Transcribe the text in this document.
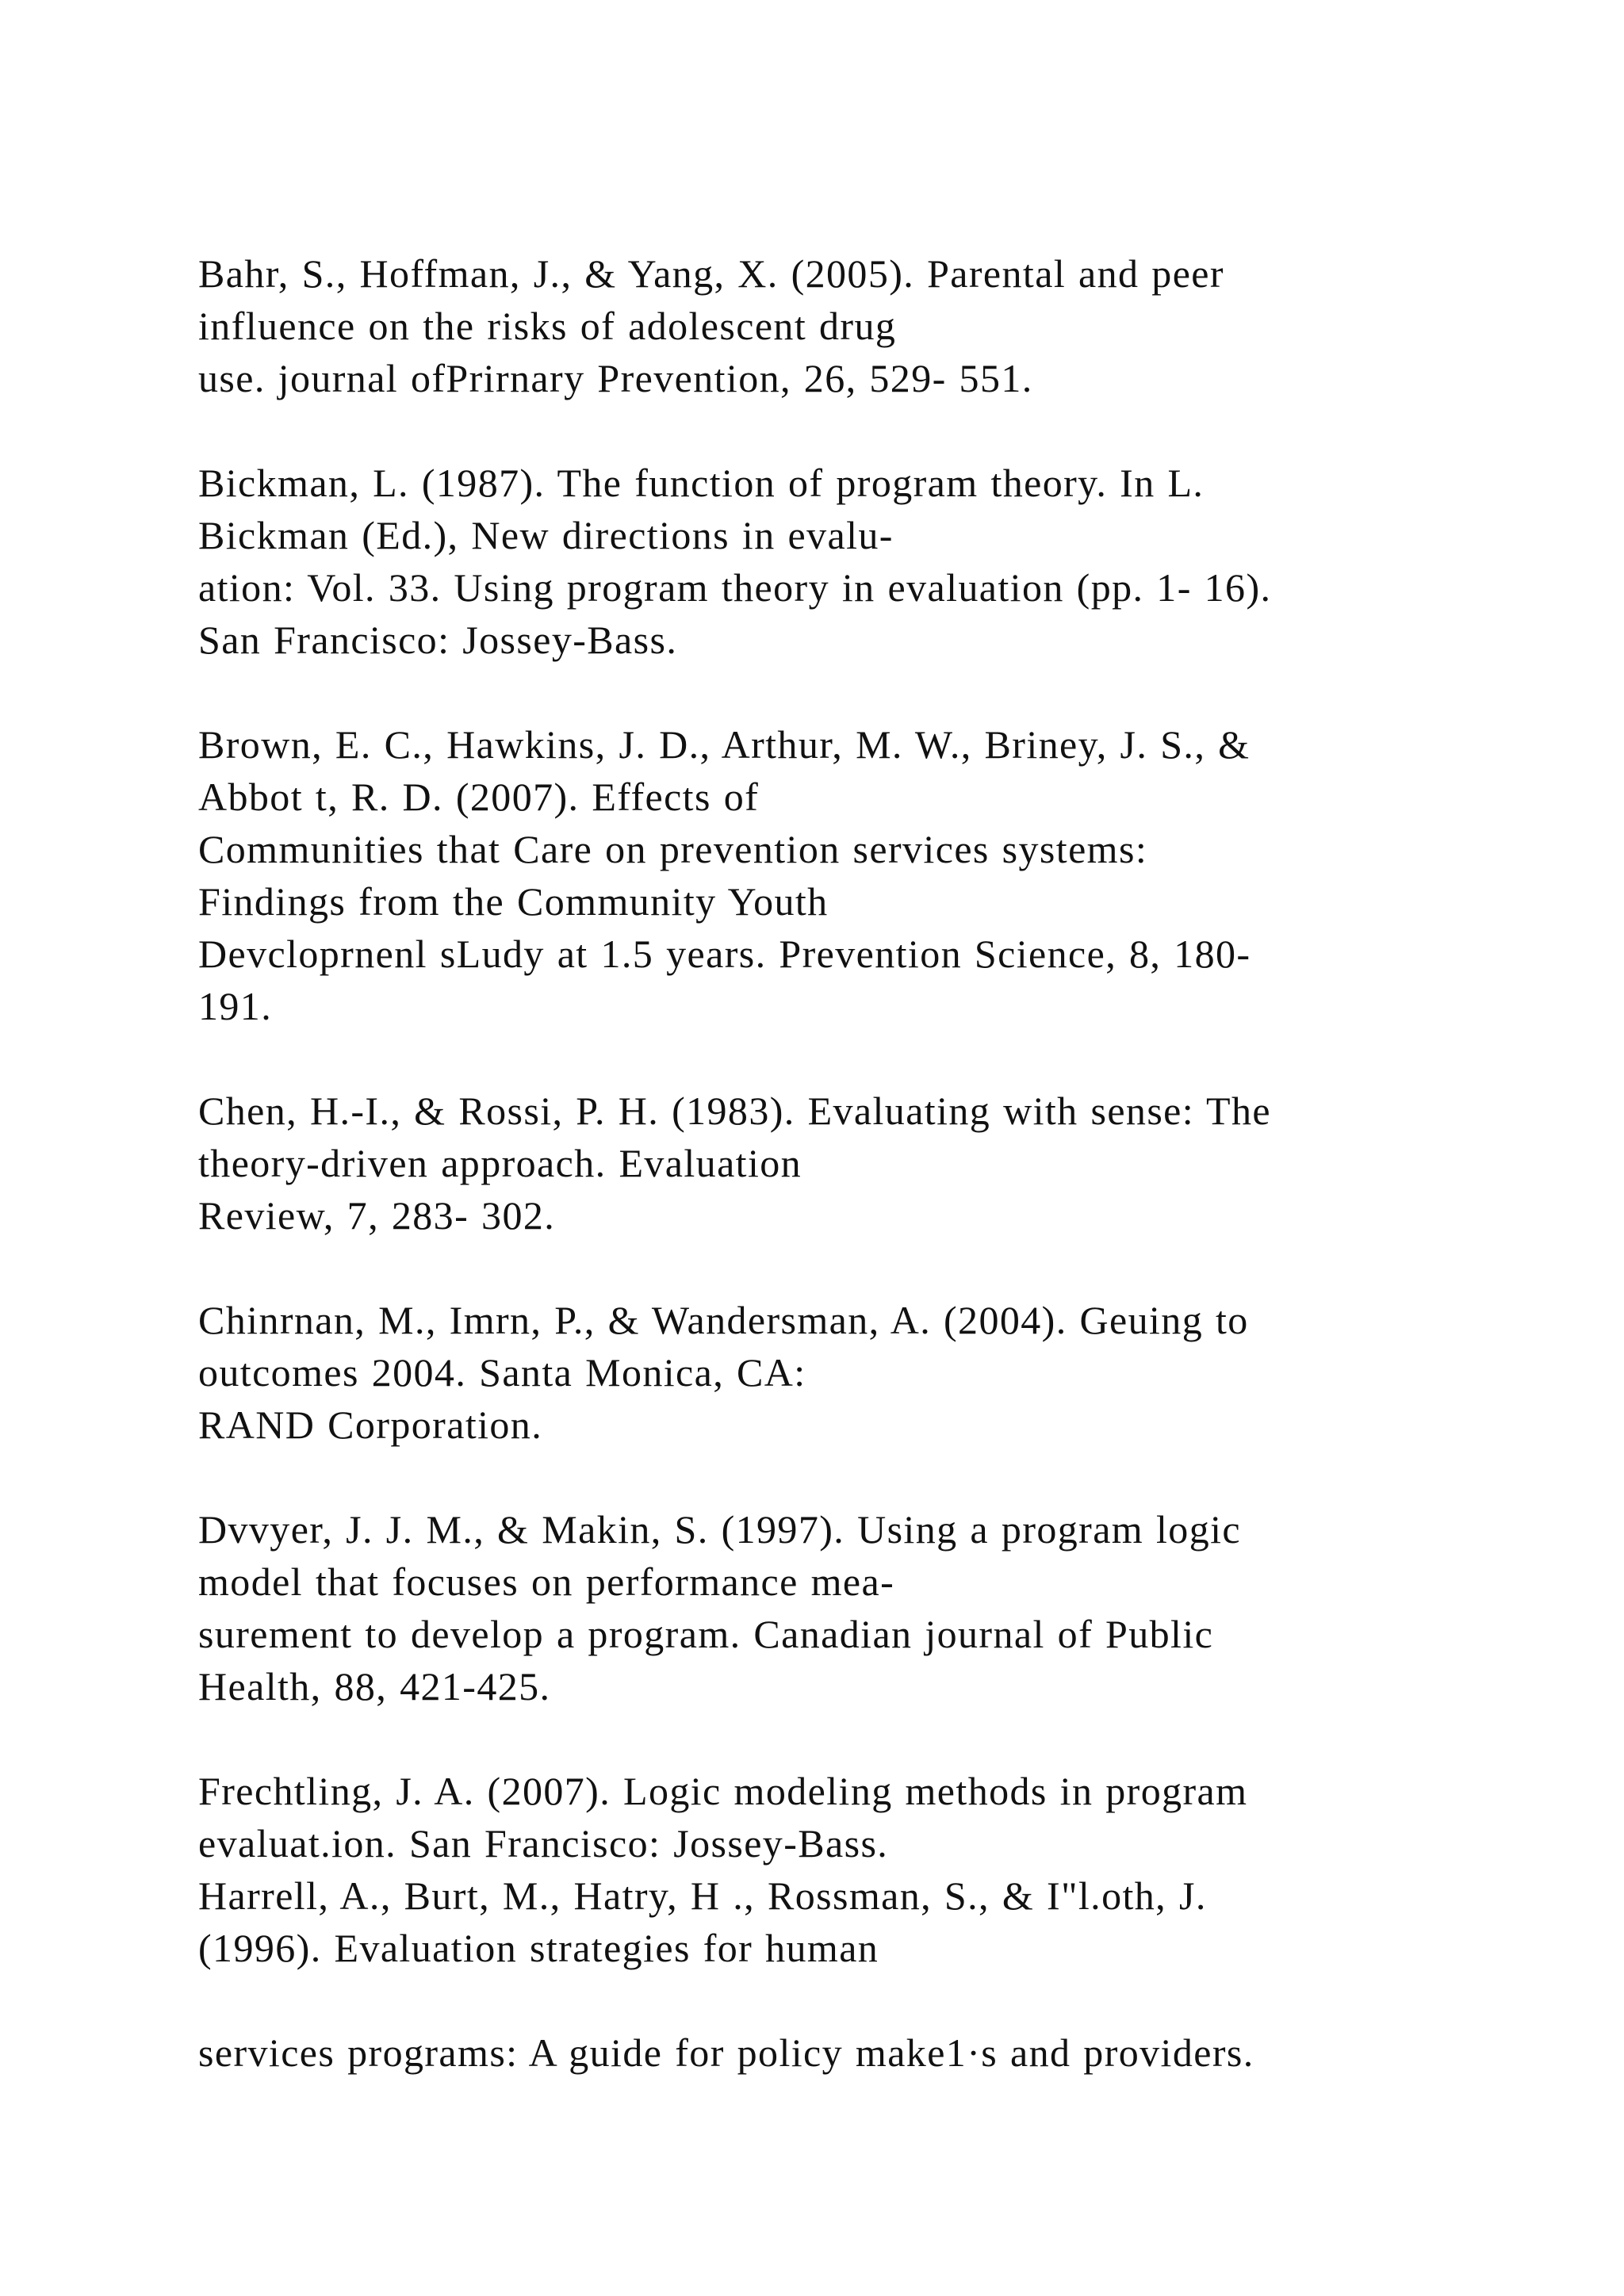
Bahr, S., Hoffman, J., & Yang, X. (2005). Parental and peer
influence on the risks of adolescent drug
use. journal ofPrirnary Prevention, 26, 529- 551.
Bickman, L. (1987). The function of program theory. In L.
Bickman (Ed.), New directions in evalu-
ation: Vol. 33. Using program theory in evaluation (pp. 1- 16).
San Francisco: Jossey-Bass.
Brown, E. C., Hawkins, J. D., Arthur, M. W., Briney, J. S., &
Abbot t, R. D. (2007). Effects of
Communities that Care on prevention services systems:
Findings from the Community Youth
Devcloprnenl sLudy at 1.5 years. Prevention Science, 8, 180-
191.
Chen, H.-I., & Rossi, P. H. (1983). Evaluating with sense: The
theory-driven approach. Evaluation
Review, 7, 283- 302.
Chinrnan, M., Imrn, P., & Wandersman, A. (2004). Geuing to
outcomes 2004. Santa Monica, CA:
RAND Corporation.
Dvvyer, J. J. M., & Makin, S. (1997). Using a program logic
model that focuses on performance mea-
surement to develop a program. Canadian journal of Public
Health, 88, 421-425.
Frechtling, J. A. (2007). Logic modeling methods in program
evaluat.ion. San Francisco: Jossey-Bass.
Harrell, A., Burt, M., Hatry, H ., Rossman, S., & I"l.oth, J.
(1996). Evaluation strategies for human
services programs: A guide for policy make1·s and providers.
